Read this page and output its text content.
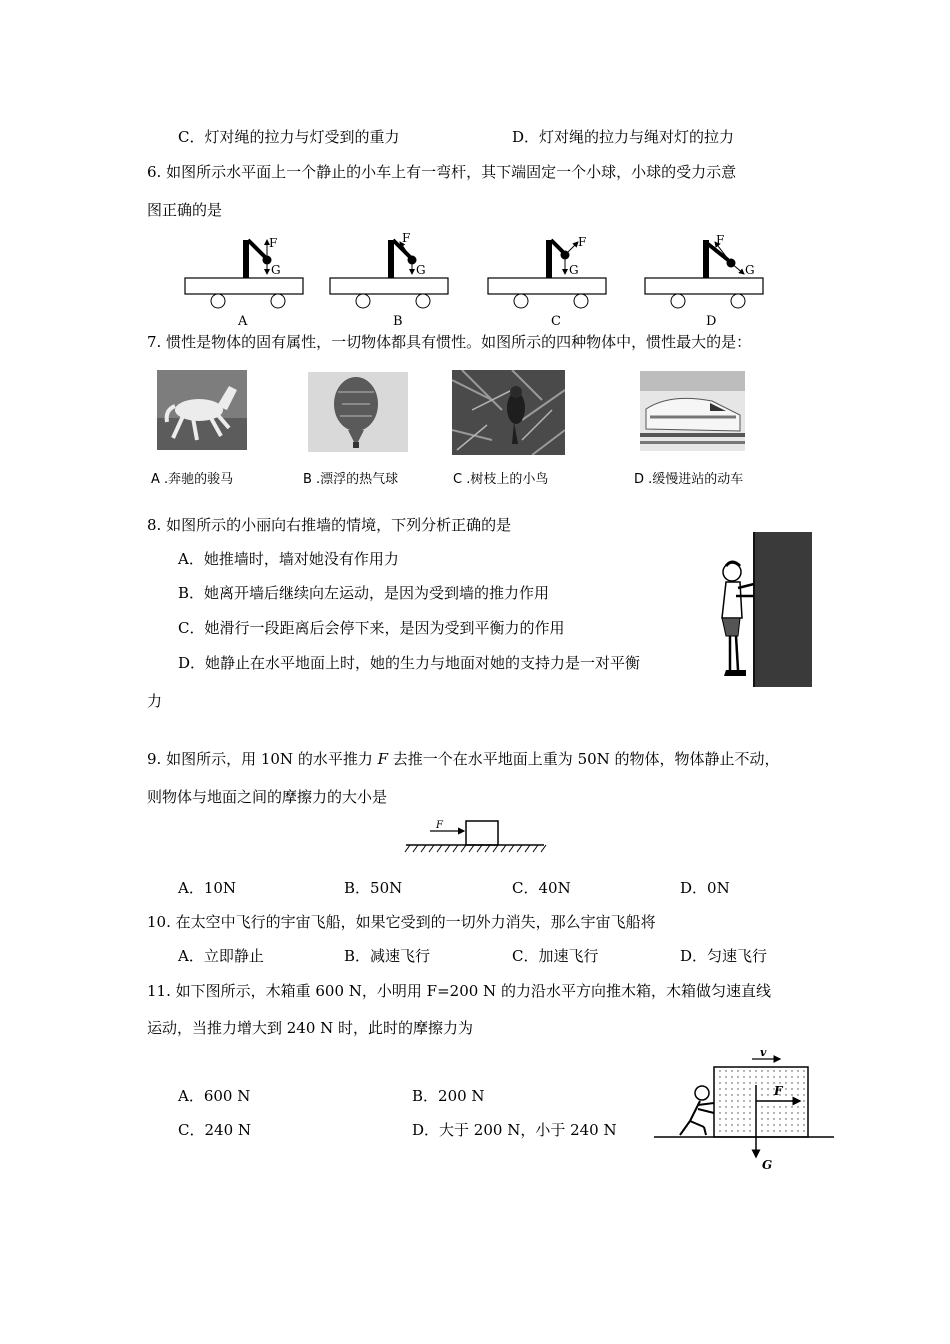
C．灯对绳的拉力与灯受到的重力	D．灯对绳的拉力与绳对灯的拉力
6. 如图所示水平面上一个静止的小车上有一弯杆，其下端固定一个小球，小球的受力示意
图正确的是
F
G
A
F
G
B
F
G
C
F
G
D
7. 惯性是物体的固有属性，一切物体都具有惯性。如图所示的四种物体中，惯性最大的是：
A .奔驰的骏马	B .漂浮的热气球	C .树枝上的小鸟	D .缓慢进站的动车
8. 如图所示的小丽向右推墙的情境，下列分析正确的是
A．她推墙时，墙对她没有作用力
B．她离开墙后继续向左运动，是因为受到墙的推力作用
C．她滑行一段距离后会停下来，是因为受到平衡力的作用
D．她静止在水平地面上时，她的生力与地面对她的支持力是一对平衡
力
9. 如图所示，用 10N 的水平推力 F 去推一个在水平地面上重为 50N 的物体，物体静止不动，
则物体与地面之间的摩擦力的大小是
F
A．10N	B．50N	C．40N	D．0N
10. 在太空中飞行的宇宙飞船，如果它受到的一切外力消失，那么宇宙飞船将
A．立即静止	B．减速飞行	C．加速飞行	D．匀速飞行
11. 如下图所示，木箱重 600 N，小明用 F=200 N 的力沿水平方向推木箱，木箱做匀速直线
运动，当推力增大到 240 N 时，此时的摩擦力为
A．600 N	B．200 N
C．240 N	D．大于 200 N，小于 240 N
v
F
G
